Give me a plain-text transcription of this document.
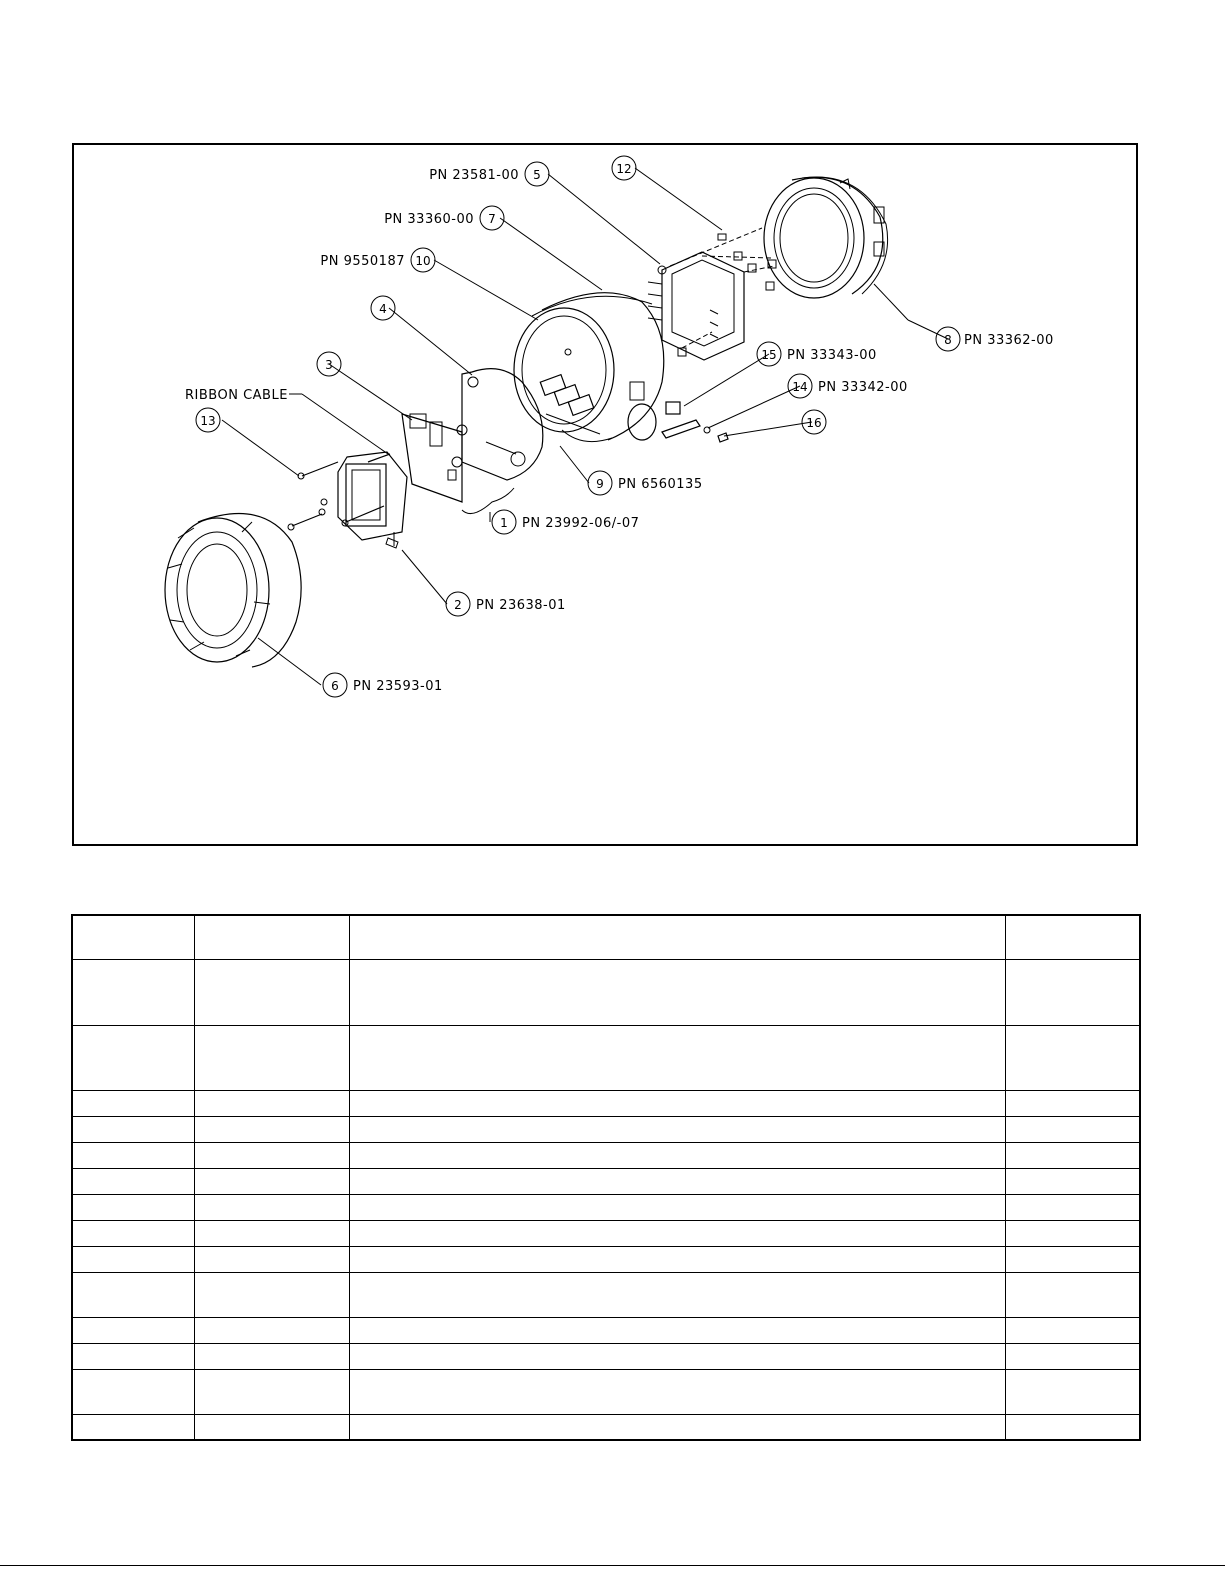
5	12
7
10
4
3
13
8
15
14
16
9
1
2
6
PN 23581-00
PN 33360-00
PN 9550187
PN 33362-00
PN 33343-00
PN 33342-00
PN 6560135
PN 23992-06/-07
PN 23638-01
PN 23593-01
RIBBON CABLE
